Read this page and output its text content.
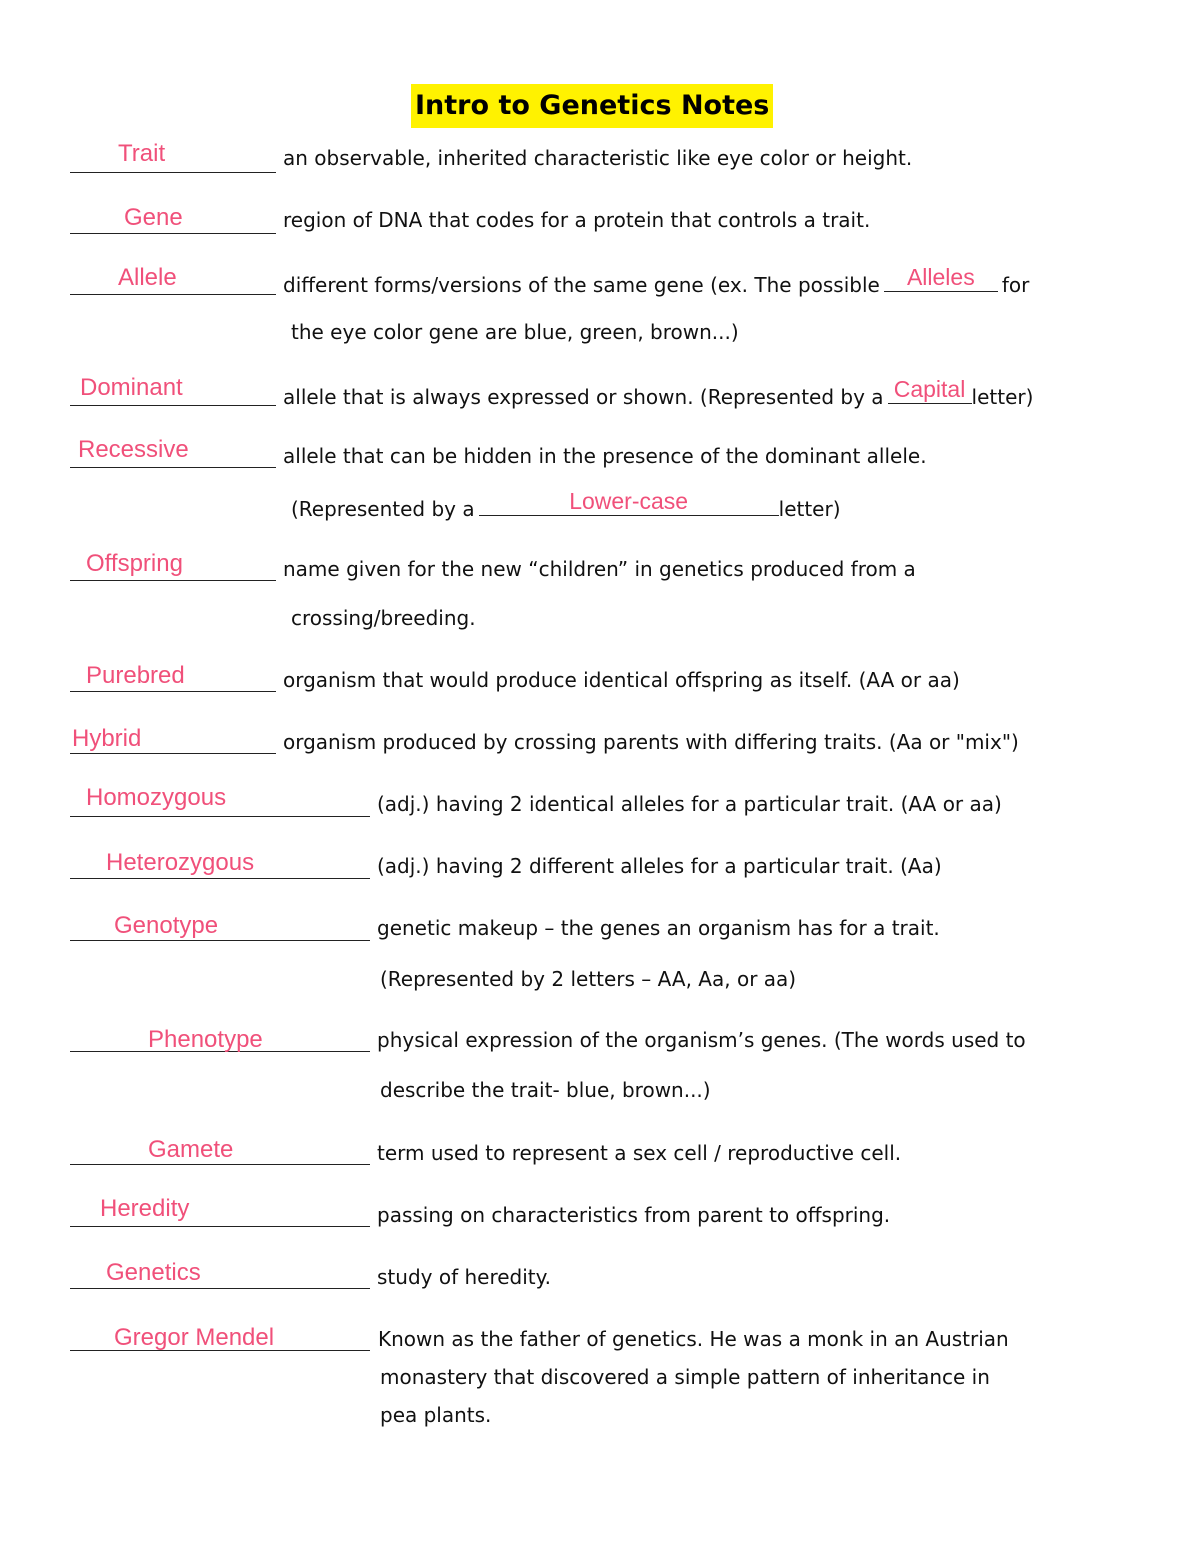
Intro to Genetics Notes
Trait	an observable, inherited characteristic like eye color or height.
Gene	region of DNA that codes for a protein that controls a trait.
Allele	different forms/versions of the same gene (ex. The possible	Alleles	for
the eye color gene are blue, green, brown...)
Dominant	allele that is always expressed or shown. (Represented by a Capital letter)
Recessive	allele that can be hidden in the presence of the dominant allele.
(Represented by a	Lower-case	letter)
Offspring	name given for the new “children” in genetics produced from a
crossing/breeding.
Purebred	organism that would produce identical offspring as itself. (AA or aa)
Hybrid	organism produced by crossing parents with differing traits. (Aa or "mix")
Homozygous	(adj.) having 2 identical alleles for a particular trait. (AA or aa)
Heterozygous	(adj.) having 2 different alleles for a particular trait. (Aa)
Genotype	genetic makeup – the genes an organism has for a trait.
(Represented by 2 letters – AA, Aa, or aa)
Phenotype	physical expression of the organism’s genes. (The words used to
describe the trait- blue, brown...)
Gamete	term used to represent a sex cell / reproductive cell.
Heredity	passing on characteristics from parent to offspring.
Genetics	study of heredity.
Gregor Mendel	Known as the father of genetics. He was a monk in an Austrian
monastery that discovered a simple pattern of inheritance in
pea plants.
